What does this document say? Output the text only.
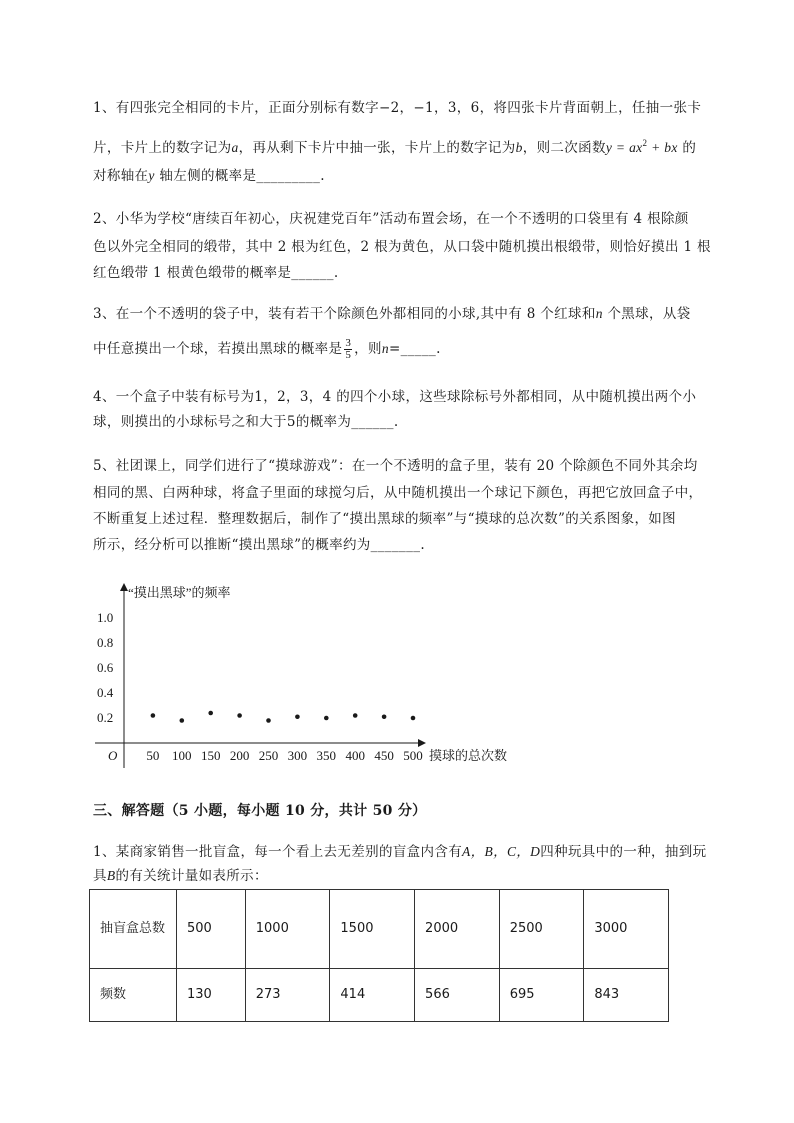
1、有四张完全相同的卡片，正面分别标有数字−2，−1，3，6，将四张卡片背面朝上，任抽一张卡
片，卡片上的数字记为a，再从剩下卡片中抽一张，卡片上的数字记为b，则二次函数$y = ax^2$ + bx 的
对称轴在y 轴左侧的概率是_________.
2、小华为学校“唐续百年初心，庆祝建党百年”活动布置会场，在一个不透明的口袋里有 4 根除颜
色以外完全相同的缎带，其中 2 根为红色，2 根为黄色，从口袋中随机摸出根缎带，则恰好摸出 1 根
红色缎带 1 根黄色缎带的概率是______.
3、在一个不透明的袋子中，装有若干个除颜色外都相同的小球,其中有 8 个红球和n 个黑球，从袋
中任意摸出一个球，若摸出黑球的概率是 $\frac{3}{5}$ ，则n=_____.
4、一个盒子中装有标号为1，2，3，4 的四个小球，这些球除标号外都相同，从中随机摸出两个小
球，则摸出的小球标号之和大于5的概率为______.
5、社团课上，同学们进行了“摸球游戏”：在一个不透明的盒子里，装有 20 个除颜色不同外其余均
相同的黑、白两种球，将盒子里面的球搅匀后，从中随机摸出一个球记下颜色，再把它放回盒子中，
不断重复上述过程．整理数据后，制作了“摸出黑球的频率”与“摸球的总次数”的关系图象，如图
所示，经分析可以推断“摸出黑球”的概率约为_______.
“摸出黑球”的频率
摸球的总次数
O
0.2
0.4
0.6
0.8
1.0
50 100 150 200 250 300 350 400 450 500
三、解答题（5 小题，每小题 10 分，共计 50 分）
1、某商家销售一批盲盒，每一个看上去无差别的盲盒内含有A，B，C，D四种玩具中的一种，抽到玩
具B的有关统计量如表所示：
抽盲盒总数	500	1000	1500	2000	2500	3000
频数	130	273	414	566	695	843
